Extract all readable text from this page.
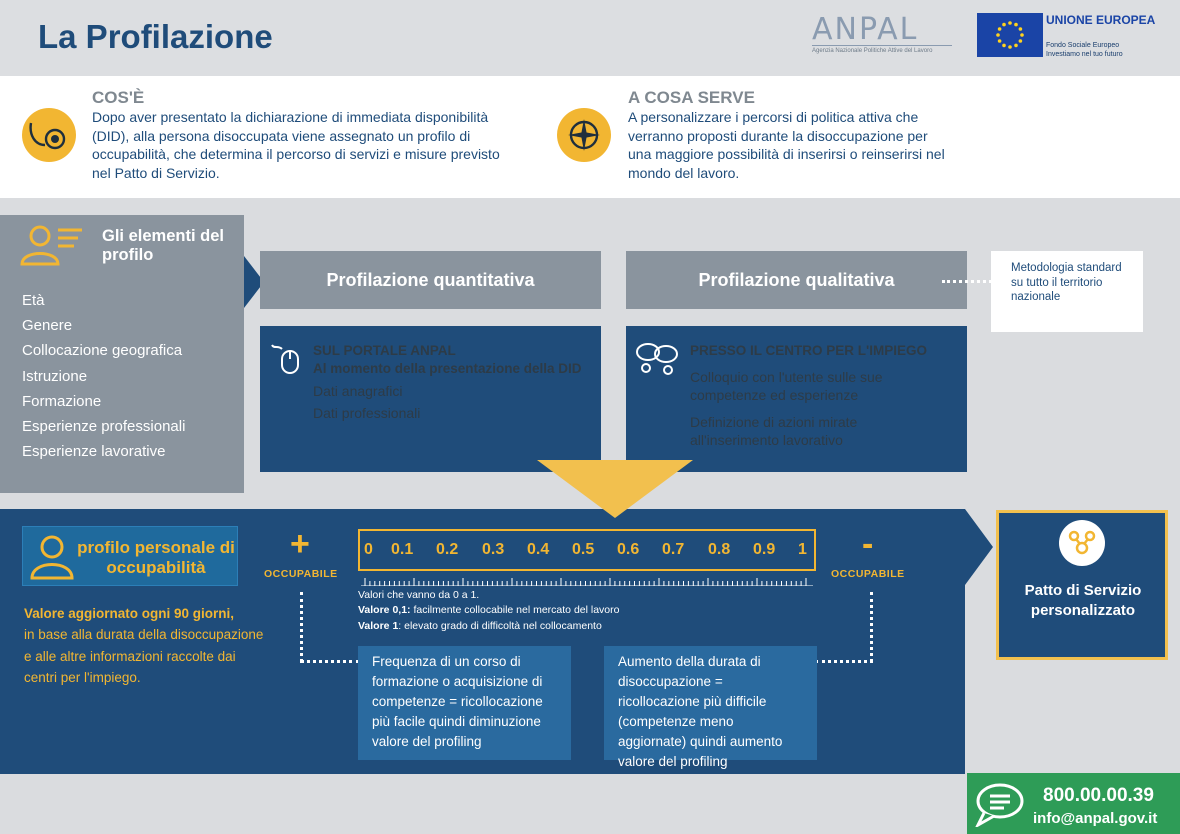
La Profilazione	ANPAL
Agenzia Nazionale Politiche Attive del Lavoro
UNIONE EUROPEA
Fondo Sociale Europeo
Investiamo nel tuo futuro
COS'È
Dopo aver presentato la dichiarazione di immediata disponibilità (DID), alla persona disoccupata viene assegnato un profilo di occupabilità, che determina il percorso di servizi e misure previsto nel Patto di Servizio.
A COSA SERVE
A personalizzare i percorsi di politica attiva che verranno proposti durante la disoccupazione per una maggiore possibilità di inserirsi o reinserirsi nel mondo del lavoro.
Gli elementi del profilo
Età
Genere
Collocazione geografica
Istruzione
Formazione
Esperienze professionali
Esperienze lavorative
Profilazione quantitativa	Profilazione qualitativa
Metodologia standard su tutto il territorio nazionale
SUL PORTALE ANPAL
Al momento della presentazione della DID
Dati anagrafici
Dati professionali
PRESSO IL CENTRO PER L'IMPIEGO
Colloquio con l'utente sulle sue competenze ed esperienze
Definizione di azioni mirate all'inserimento lavorativo
profilo personale di occupabilità
Valore aggiornato ogni 90 giorni,
in base alla durata della disoccupazione
e alle altre informazioni raccolte dai
centri per l'impiego.
+
OCCUPABILE
-
OCCUPABILE
0 0.1 0.2 0.3 0.4 0.5 0.6 0.7 0.8 0.9 1
Valori che vanno da 0 a 1.
Valore 0,1: facilmente collocabile nel mercato del lavoro
Valore 1: elevato grado di difficoltà nel collocamento
Frequenza di un corso di formazione o acquisizione di competenze = ricollocazione più facile quindi diminuzione valore del profiling
Aumento della durata di disoccupazione = ricollocazione più difficile (competenze meno aggiornate) quindi aumento valore del profiling
Patto di Servizio personalizzato
800.00.00.39
info@anpal.gov.it
